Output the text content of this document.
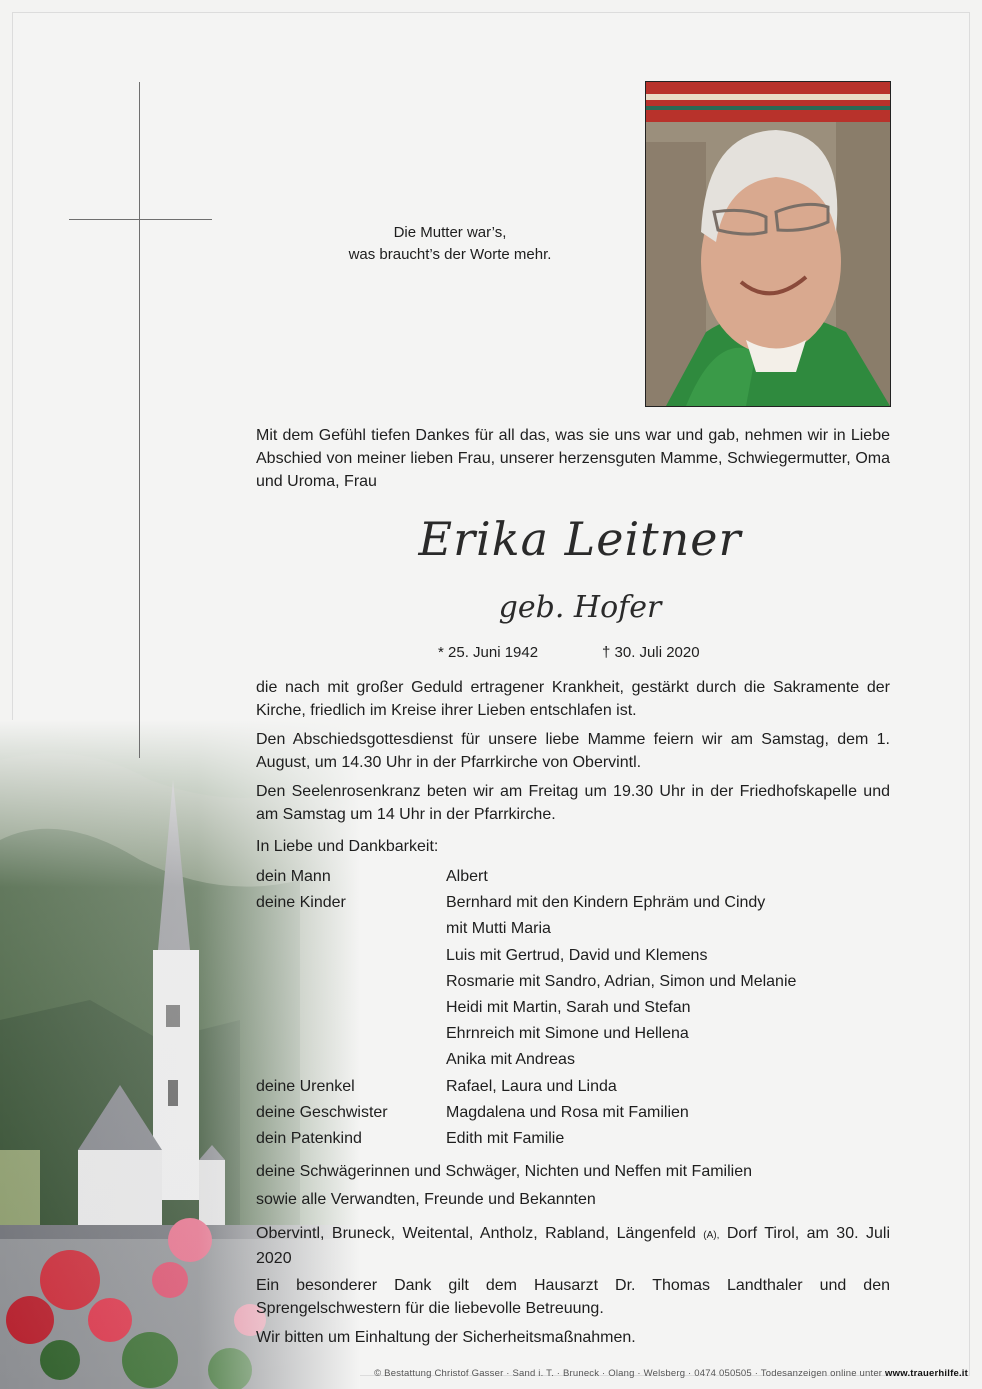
Die Mutter war’s,
was braucht’s der Worte mehr.
Mit dem Gefühl tiefen Dankes für all das, was sie uns war und gab, nehmen wir in Liebe Abschied von meiner lieben Frau, unserer herzensguten Mamme, Schwiegermutter, Oma und Uroma, Frau
Erika Leitner
geb. Hofer
* 25. Juni 1942	† 30. Juli 2020
die nach mit großer Geduld ertragener Krankheit, gestärkt durch die Sakramente der Kirche, friedlich im Kreise ihrer Lieben entschlafen ist.
Den Abschiedsgottesdienst für unsere liebe Mamme feiern wir am Samstag, dem 1. August, um 14.30 Uhr in der Pfarrkirche von Obervintl.
Den Seelenrosenkranz beten wir am Freitag um 19.30 Uhr in der Friedhofskapelle und am Samstag um 14 Uhr in der Pfarrkirche.
In Liebe und Dankbarkeit:
dein Mann	Albert
deine Kinder	Bernhard mit den Kindern Ephräm und Cindy
mit Mutti Maria
Luis mit Gertrud, David und Klemens
Rosmarie mit Sandro, Adrian, Simon und Melanie
Heidi mit Martin, Sarah und Stefan
Ehrnreich mit Simone und Hellena
Anika mit Andreas
deine Urenkel	Rafael, Laura und Linda
deine Geschwister	Magdalena und Rosa mit Familien
dein Patenkind	Edith mit Familie
deine Schwägerinnen und Schwäger, Nichten und Neffen mit Familien
sowie alle Verwandten, Freunde und Bekannten
Obervintl, Bruneck, Weitental, Antholz, Rabland, Längenfeld (A), Dorf Tirol, am 30. Juli 2020
Ein besonderer Dank gilt dem Hausarzt Dr. Thomas Landthaler und den Sprengelschwestern für die liebevolle Betreuung.
Wir bitten um Einhaltung der Sicherheitsmaßnahmen.
© Bestattung Christof Gasser · Sand i. T. · Bruneck · Olang · Welsberg · 0474 050505 · Todesanzeigen online unter www.trauerhilfe.it
